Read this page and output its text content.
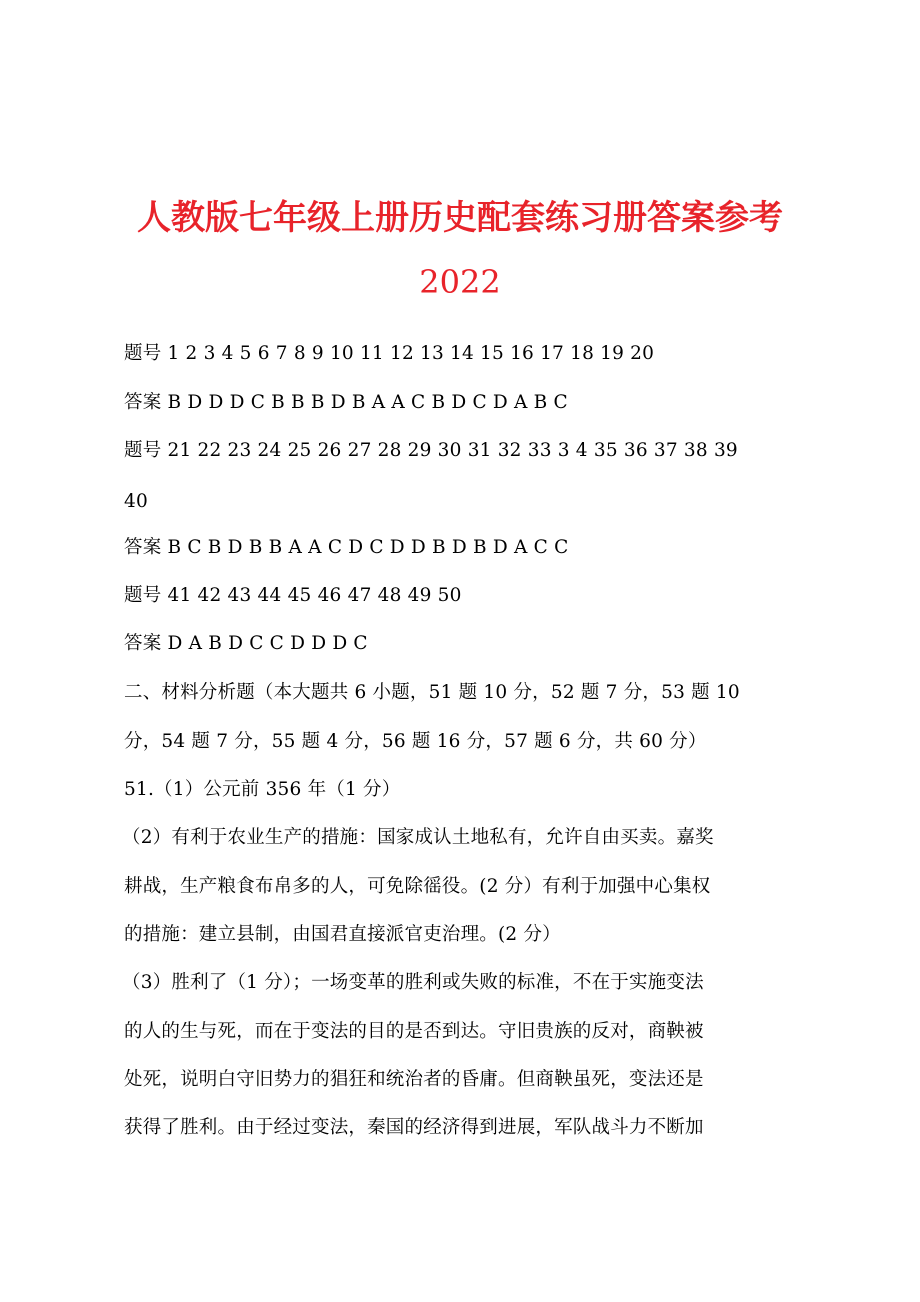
人教版七年级上册历史配套练习册答案参考
2022
题号 1 2 3 4 5 6 7 8 9 10 11 12 13 14 15 16 17 18 19 20
答案 B D D D C B B B D B A A C B D C D A B C
题号 21 22 23 24 25 26 27 28 29 30 31 32 33 3 4 35 36 37 38 39
40
答案 B C B D B B A A C D C D D B D B D A C C
题号 41 42 43 44 45 46 47 48 49 50
答案 D A B D C C D D D C
二、材料分析题（本大题共 6 小题，51 题 10 分，52 题 7 分，53 题 10
分，54 题 7 分，55 题 4 分，56 题 16 分，57 题 6 分，共 60 分）
51.（1）公元前 356 年（1 分）
（2）有利于农业生产的措施：国家成认土地私有，允许自由买卖。嘉奖
耕战，生产粮食布帛多的人，可免除徭役。(2 分）有利于加强中心集权
的措施：建立县制，由国君直接派官吏治理。(2 分）
（3）胜利了（1 分）；一场变革的胜利或失败的标准，不在于实施变法
的人的生与死，而在于变法的目的是否到达。守旧贵族的反对，商鞅被
处死，说明白守旧势力的猖狂和统治者的昏庸。但商鞅虽死，变法还是
获得了胜利。由于经过变法，秦国的经济得到进展，军队战斗力不断加
